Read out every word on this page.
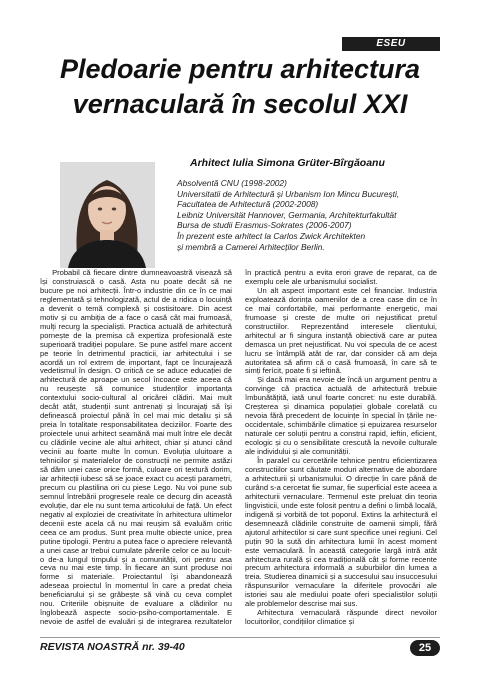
ESEU
Pledoarie pentru arhitectura
vernaculară în secolul XXI
Arhitect Iulia Simona Grüter-Bîrgăoanu
Absolventă CNU (1998-2002)
Universitatii de Arhitectură și Urbanism Ion Mincu București,
Facultatea de Arhitectură (2002-2008)
Leibniz Universität Hannover, Germania, Architekturfakultät
Bursa de studii Erasmus-Sokrates (2006-2007)
În prezent este arhitect la Carlos Zwick Architekten
și membră a Camerei Arhitecților Berlin.

Probabil că fiecare dintre dumneavoastră visează să își construiască o casă. Asta nu poate decât să ne bucure pe noi arhitecții. Într-o industrie din ce în ce mai reglementată și tehnologizată, actul de a ridica o locuință a devenit o temă complexă și costisitoare. Din acest motiv și cu ambiția de a face o casă cât mai frumoasă, mulți recurg la specialiști. Practica actuală de arhitectură pornește de la premisa că expertiza profesională este superioară tradiției populare. Se pune astfel mare accent pe teorie în detrimentul practicii, iar arhitectului i se acordă un rol extrem de important, fapt ce încurajează vedetismul în design. O critică ce se aduce educației de arhitectură de aproape un secol încoace este aceea că nu reușește să comunice studenților importanța contextului socio-cultural al oricărei clădiri. Mai mult decât atât, studenții sunt antrenați și încurajați să își definească proiectul până în cel mai mic detaliu și să preia în totalitate responsabilitatea deciziilor. Foarte des proiectele unui arhitect seamănă mai mult între ele decât cu clădirile vecine ale altui arhitect, chiar și atunci când vecinii au foarte multe în comun. Evoluția uluitoare a tehnicilor și materialelor de construcții ne permite astăzi să dăm unei case orice formă, culoare ori textură dorim, iar arhitecții iubesc să se joace exact cu acești parametri, precum cu plastilina ori cu piese Lego. Nu voi pune sub semnul întrebării progresele reale ce decurg din această evoluție, dar ele nu sunt tema articolului de față. Un efect negativ al exploziei de creativitate în arhitectura ultimelor decenii este acela că nu mai reușim să evaluăm critic ceea ce am produs. Sunt prea multe obiecte unice, prea putine tipologii. Pentru a putea face o apreciere relevantă a unei case ar trebui cumulate părerile celor ce au locuit-o de-a lungul timpului și a comunității, ori pentru asa ceva nu mai este timp. În fiecare an sunt produse noi forme si materiale. Proiectantul își abandonează adeseaa proiectul în momentul în care a predat cheia beneficiarului și se grăbește să vină cu ceva complet nou. Criteriile obișnuite de evaluare a clădirilor nu înglobează aspecte socio-psiho-comportamentale. E nevoie de astfel de evaluări și de integrarea rezultatelor în practică pentru a evita erori grave de reparat, ca de exemplu cele ale urbanismului socialist.

Un alt aspect important este cel financiar. Industria exploatează dorința oamenilor de a crea case din ce în ce mai confortabile, mai performante energetic, mai frumoase și creste de multe ori nejustificat pretul constructiilor. Reprezentând interesele clientului, arhitectul ar fi singura instanță obiectivă care ar putea demasca un pret nejustificat. Nu voi specula de ce acest lucru se întâmplă atât de rar, dar consider că am deja autoritatea să afirm că o casă frumoasă, în care să te simți ferícit, poate fi și ieftină.

Și dacă mai era nevoie de încă un argument pentru a convinge că practica actuală de arhitectură trebuie îmbunătățită, iată unul foarte concret: nu este durabilă. Creșterea și dinamica populației globale corelată cu nevoia fără precedent de locuințe în special în țările ne-occidentale, schimbările climatice și epuizarea resurselor naturale cer soluții pentru a construi rapid, ieftin, eficient, ecologic și cu o sensibilitate crescută la nevoile culturale ale individului și ale comunității.

În paralel cu cercetările tehnice pentru eficientizarea constructiilor sunt căutate moduri alternative de abordare a arhitecturii și urbanismului. O direcție în care până de curând s-a cercetat fie sumar, fie superficial este aceea a arhitecturii vernaculare. Termenul este preluat din teoria lingvisticii, unde este folosit pentru a defini o limbă locală, indigenă și vorbită de tot poporul. Extins la arhitectură el desemnează clădirile construite de oamenii simpli, fără ajutorul arhitectilor si care sunt specifice unei regiuni. Cel puțin 90 la sută din arhitectura lumii în acest moment este vernaculară. În această categorie largă intră atât arhitectura rurală și cea tradițională cât și forme recente precum arhitectura informală a suburbiilor din lumea a treia. Studierea dinamicii și a succesului sau insuccesului răspunsurilor vernaculare la diferitele provocări ale istoriei sau ale mediului poate oferi specialistilor soluții ale problemelor descrise mai sus.

Arhitectura vernaculară răspunde direct nevoilor locuitorilor, condițiilor climatice și

REVISTA NOASTRĂ nr. 39-40	25
